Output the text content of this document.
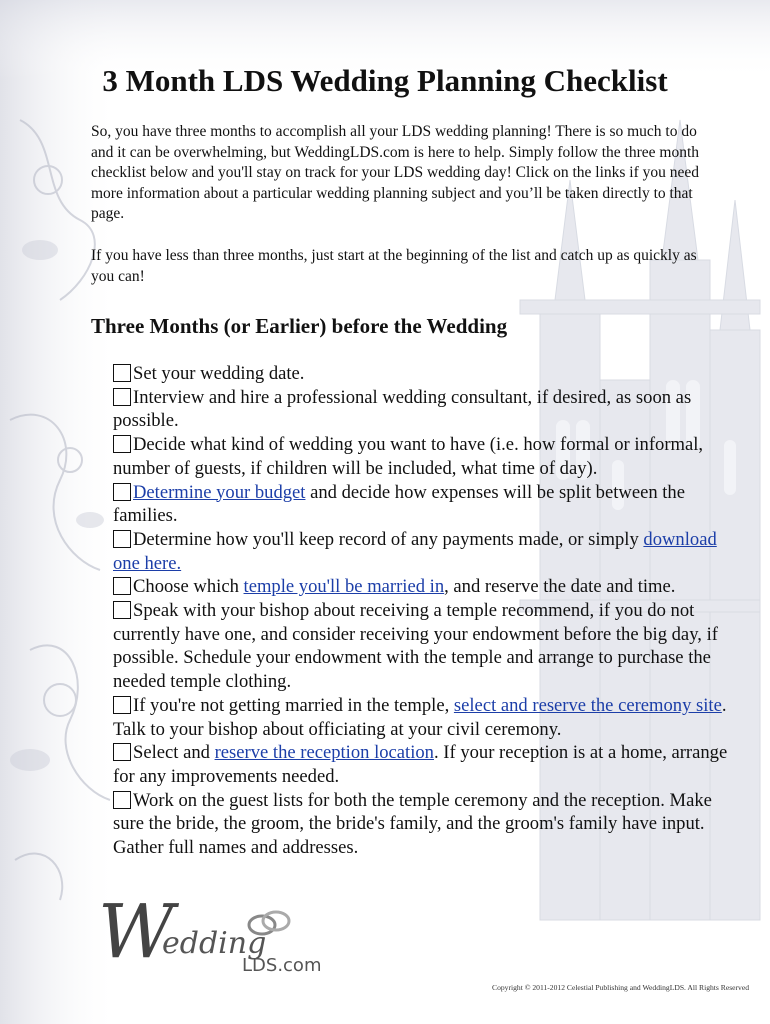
3 Month LDS Wedding Planning Checklist

So, you have three months to accomplish all your LDS wedding planning! There is so much to do and it can be overwhelming, but WeddingLDS.com is here to help. Simply follow the three month checklist below and you'll stay on track for your LDS wedding day! Click on the links if you need more information about a particular wedding planning subject and you’ll be taken directly to that page.

If you have less than three months, just start at the beginning of the list and catch up as quickly as you can!

Three Months (or Earlier) before the Wedding
Set your wedding date.
Interview and hire a professional wedding consultant, if desired, as soon as possible.
Decide what kind of wedding you want to have (i.e. how formal or informal, number of guests, if children will be included, what time of day).
Determine your budget and decide how expenses will be split between the families.
Determine how you'll keep record of any payments made, or simply download one here.
Choose which temple you'll be married in, and reserve the date and time.
Speak with your bishop about receiving a temple recommend, if you do not currently have one, and consider receiving your endowment before the big day, if possible. Schedule your endowment with the temple and arrange to purchase the needed temple clothing.
If you're not getting married in the temple, select and reserve the ceremony site. Talk to your bishop about officiating at your civil ceremony.
Select and reserve the reception location. If your reception is at a home, arrange for any improvements needed.
Work on the guest lists for both the temple ceremony and the reception. Make sure the bride, the groom, the bride's family, and the groom's family have input. Gather full names and addresses.
W
edding
LDS.com
Copyright © 2011-2012 Celestial Publishing and WeddingLDS. All Rights Reserved
